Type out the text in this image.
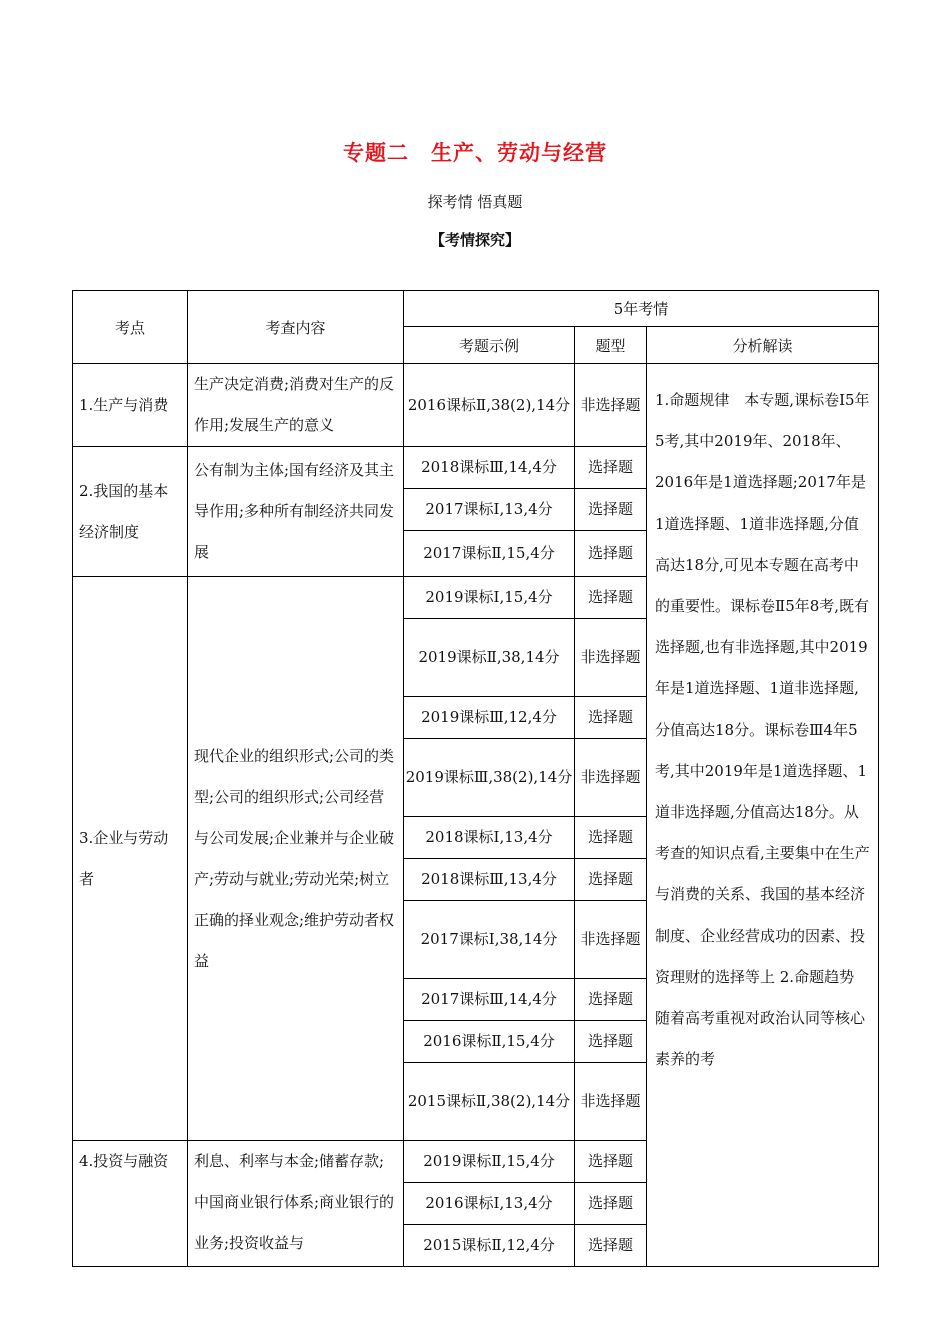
专题二　生产、劳动与经营
探考情 悟真题
【考情探究】
考点	考查内容	5年考情		
		考题示例	题型	分析解读
1.生产与消费	生产决定消费;消费对生产的反作用;发展生产的意义	2016课标Ⅱ,38(2),14分	非选择题	1.命题规律　本专题,课标卷Ⅰ5年5考,其中2019年、2018年、2016年是1道选择题;2017年是1道选择题、1道非选择题,分值高达18分,可见本专题在高考中的重要性。课标卷Ⅱ5年8考,既有选择题,也有非选择题,其中2019年是1道选择题、1道非选择题,分值高达18分。课标卷Ⅲ4年5考,其中2019年是1道选择题、1道非选择题,分值高达18分。从考查的知识点看,主要集中在生产与消费的关系、我国的基本经济制度、企业经营成功的因素、投资理财的选择等上 2.命题趋势　随着高考重视对政治认同等核心素养的考

2.我国的基本经济制度	公有制为主体;国有经济及其主导作用;多种所有制经济共同发展	2018课标Ⅲ,14,4分	选择题	
		2017课标Ⅰ,13,4分	选择题	
		2017课标Ⅱ,15,4分	选择题	
3.企业与劳动者	现代企业的组织形式;公司的类型;公司的组织形式;公司经营与公司发展;企业兼并与企业破产;劳动与就业;劳动光荣;树立正确的择业观念;维护劳动者权益	2019课标Ⅰ,15,4分	选择题	
		2019课标Ⅱ,38,14分	非选择题	
		2019课标Ⅲ,12,4分	选择题	
		2019课标Ⅲ,38(2),14分	非选择题	
		2018课标Ⅰ,13,4分	选择题	
		2018课标Ⅲ,13,4分	选择题	
		2017课标Ⅰ,38,14分	非选择题	
		2017课标Ⅲ,14,4分	选择题	
		2016课标Ⅱ,15,4分	选择题	
		2015课标Ⅱ,38(2),14分	非选择题	
4.投资与融资	利息、利率与本金;储蓄存款;中国商业银行体系;商业银行的业务;投资收益与	2019课标Ⅱ,15,4分	选择题	
		2016课标Ⅰ,13,4分	选择题	
		2015课标Ⅱ,12,4分	选择题	
